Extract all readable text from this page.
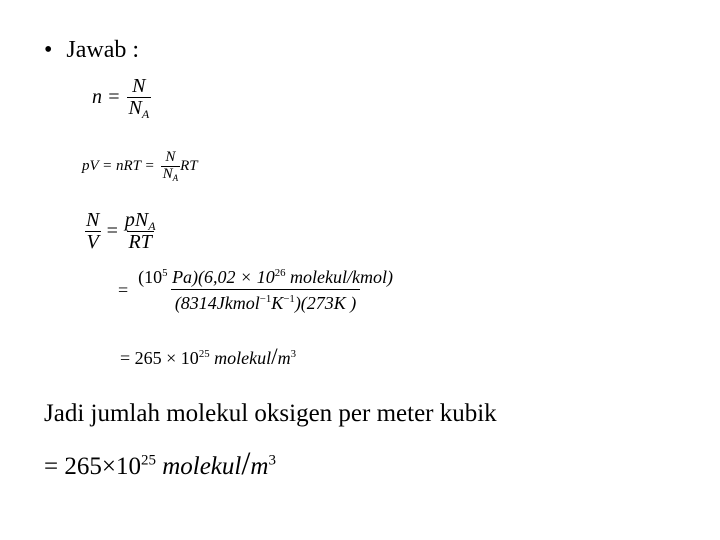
• Jawab :
$n = \frac{N}{N_A}$
pV = nRT = $\frac{N}{N_A}$ RT
$\frac{N}{V} = \frac{pN_A}{RT}$
= $\frac{(10^5 Pa)(6,02 \times 10^{26} molekul/kmol)}{(8314Jkmol^{-1}K^{-1})(273K )}$
= $265 \times 10^{25}$ molekul/$m^3$
Jadi jumlah molekul oksigen per meter kubik
= $265\times 10^{25}$ molekul/$m^3$
